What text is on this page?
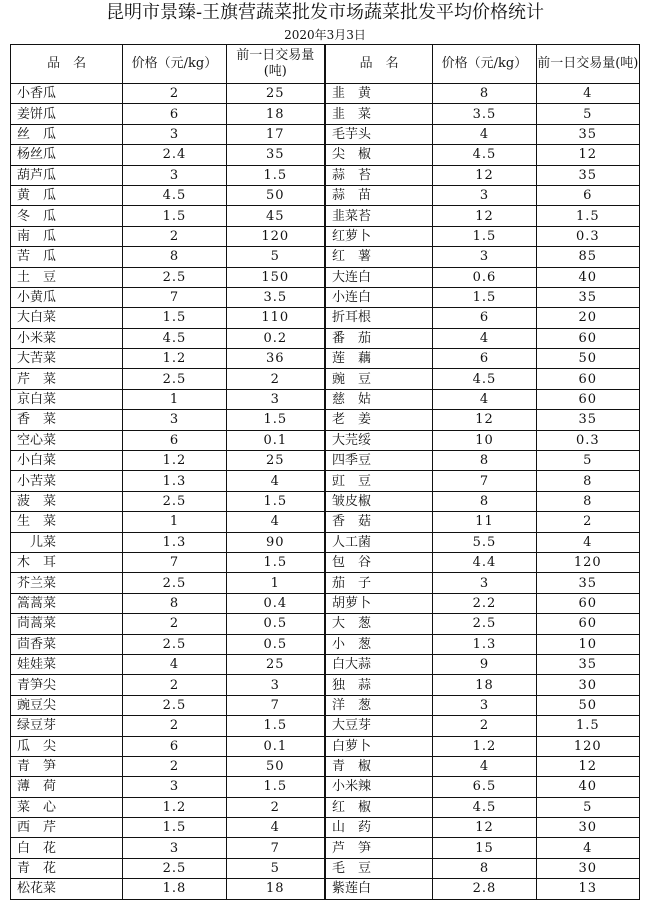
昆明市景臻-王旗营蔬菜批发市场蔬菜批发平均价格统计
2020年3月3日
品　名	价格（元/kg）	前一日交易量(吨)	品　名	价格（元/kg）	前一日交易量(吨)
小香瓜	2	25	韭　黄	8	4
姜饼瓜	6	18	韭　菜	3.5	5
丝　瓜	3	17	毛芋头	4	35
杨丝瓜	2.4	35	尖　椒	4.5	12
葫芦瓜	3	1.5	蒜　苔	12	35
黄　瓜	4.5	50	蒜　苗	3	6
冬　瓜	1.5	45	韭菜苔	12	1.5
南　瓜	2	120	红萝卜	1.5	0.3
苦　瓜	8	5	红　薯	3	85
土　豆	2.5	150	大连白	0.6	40
小黄瓜	7	3.5	小连白	1.5	35
大白菜	1.5	110	折耳根	6	20
小米菜	4.5	0.2	番　茄	4	60
大苦菜	1.2	36	莲　藕	6	50
芹　菜	2.5	2	豌　豆	4.5	60
京白菜	1	3	慈　姑	4	60
香　菜	3	1.5	老　姜	12	35
空心菜	6	0.1	大芫绥	10	0.3
小白菜	1.2	25	四季豆	8	5
小苦菜	1.3	4	豇　豆	7	8
菠　菜	2.5	1.5	皱皮椒	8	8
生　菜	1	4	香　菇	11	2
　儿菜	1.3	90	人工菌	5.5	4
木　耳	7	1.5	包　谷	4.4	120
芥兰菜	2.5	1	茄　子	3	35
篙蒿菜	8	0.4	胡萝卜	2.2	60
茼蒿菜	2	0.5	大　葱	2.5	60
茴香菜	2.5	0.5	小　葱	1.3	10
娃娃菜	4	25	白大蒜	9	35
青笋尖	2	3	独　蒜	18	30
豌豆尖	2.5	7	洋　葱	3	50
绿豆芽	2	1.5	大豆芽	2	1.5
瓜　尖	6	0.1	白萝卜	1.2	120
青　笋	2	50	青　椒	4	12
薄　荷	3	1.5	小米辣	6.5	40
菜　心	1.2	2	红　椒	4.5	5
西　芹	1.5	4	山　药	12	30
白　花	3	7	芦　笋	15	4
青　花	2.5	5	毛　豆	8	30
松花菜	1.8	18	紫莲白	2.8	13
